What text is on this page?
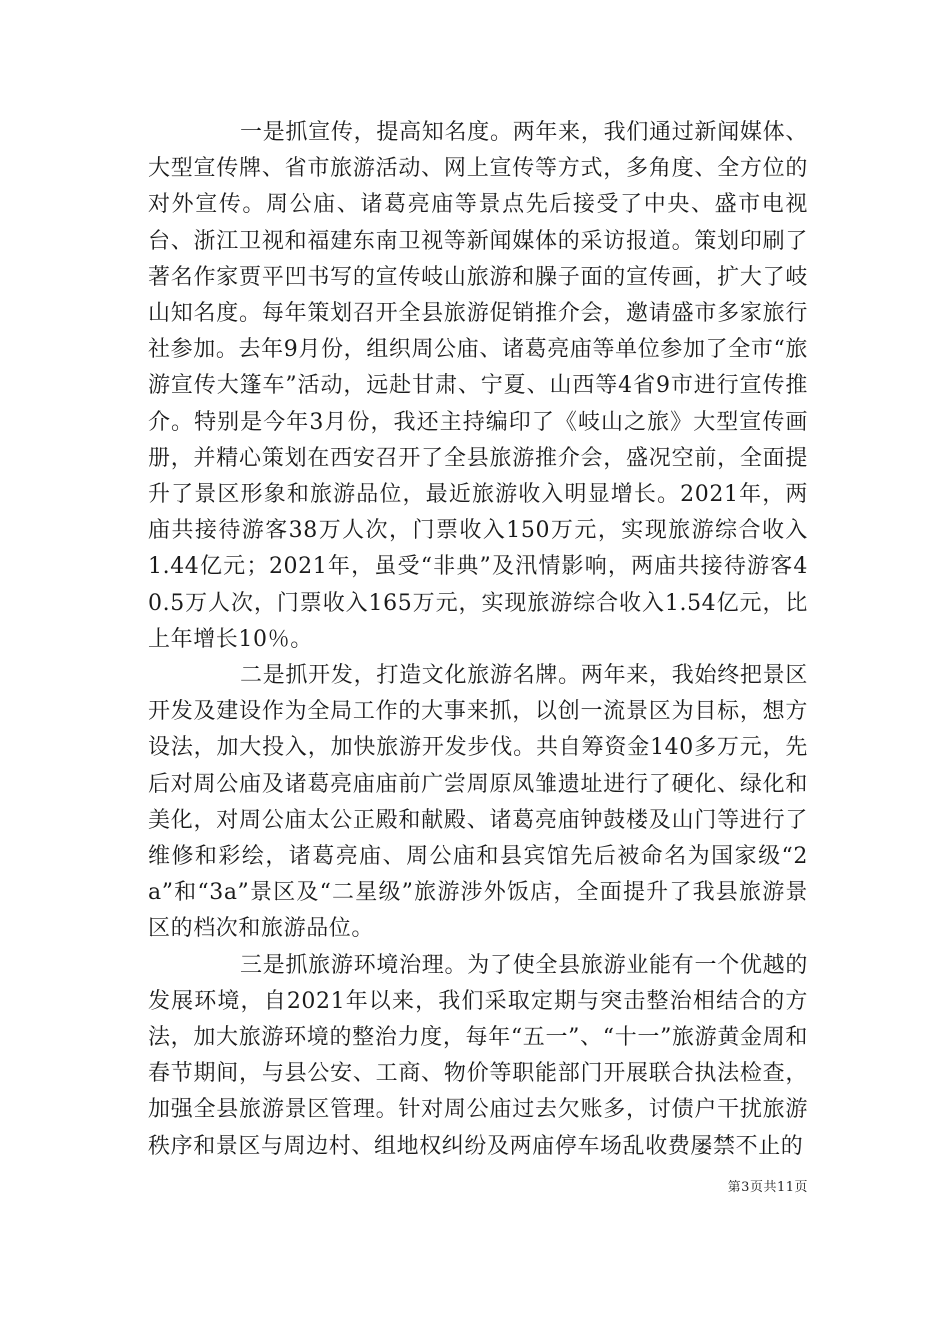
一是抓宣传，提高知名度。两年来，我们通过新闻媒体、大型宣传牌、省市旅游活动、网上宣传等方式，多角度、全方位的对外宣传。周公庙、诸葛亮庙等景点先后接受了中央、盛市电视台、浙江卫视和福建东南卫视等新闻媒体的采访报道。策划印刷了著名作家贾平凹书写的宣传岐山旅游和臊子面的宣传画，扩大了岐山知名度。每年策划召开全县旅游促销推介会，邀请盛市多家旅行社参加。去年9月份，组织周公庙、诸葛亮庙等单位参加了全市“旅游宣传大篷车”活动，远赴甘肃、宁夏、山西等4省9市进行宣传推介。特别是今年3月份，我还主持编印了《岐山之旅》大型宣传画册，并精心策划在西安召开了全县旅游推介会，盛况空前，全面提升了景区形象和旅游品位，最近旅游收入明显增长。2021年，两庙共接待游客38万人次，门票收入150万元，实现旅游综合收入1.44亿元；2021年，虽受“非典”及汛情影响，两庙共接待游客40.5万人次，门票收入165万元，实现旅游综合收入1.54亿元，比上年增长10％。

二是抓开发，打造文化旅游名牌。两年来，我始终把景区开发及建设作为全局工作的大事来抓，以创一流景区为目标，想方设法，加大投入，加快旅游开发步伐。共自筹资金140多万元，先后对周公庙及诸葛亮庙庙前广尝周原凤雏遗址进行了硬化、绿化和美化，对周公庙太公正殿和献殿、诸葛亮庙钟鼓楼及山门等进行了维修和彩绘，诸葛亮庙、周公庙和县宾馆先后被命名为国家级“2a”和“3a”景区及“二星级”旅游涉外饭店，全面提升了我县旅游景区的档次和旅游品位。

三是抓旅游环境治理。为了使全县旅游业能有一个优越的发展环境，自2021年以来，我们采取定期与突击整治相结合的方法，加大旅游环境的整治力度，每年“五一”、“十一”旅游黄金周和春节期间，与县公安、工商、物价等职能部门开展联合执法检查，加强全县旅游景区管理。针对周公庙过去欠账多，讨债户干扰旅游秩序和景区与周边村、组地权纠纷及两庙停车场乱收费屡禁不止的

第3页共11页
